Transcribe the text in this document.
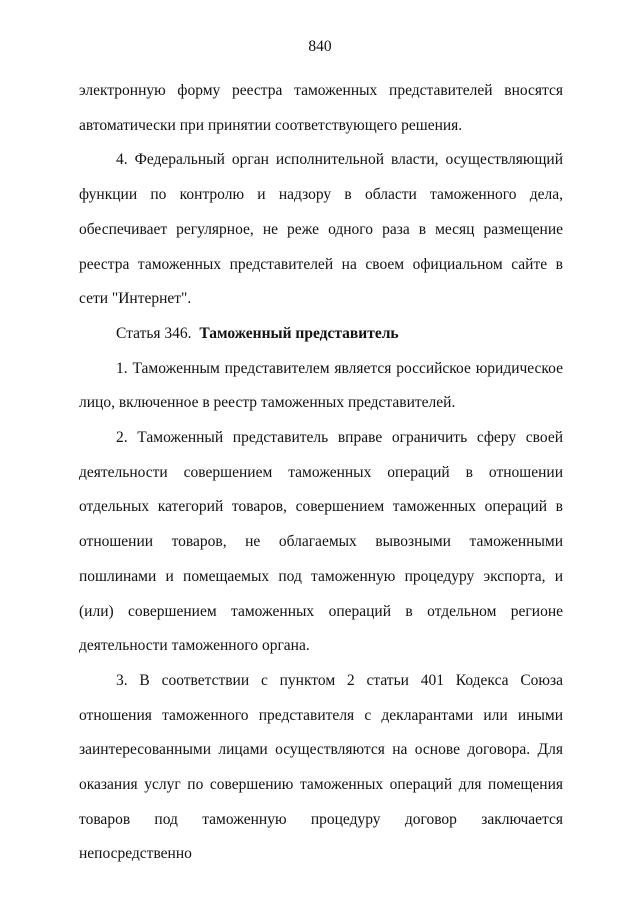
840

электронную форму реестра таможенных представителей вносятся автоматически при принятии соответствующего решения.

4. Федеральный орган исполнительной власти, осуществляющий функции по контролю и надзору в области таможенного дела, обеспечивает регулярное, не реже одного раза в месяц размещение реестра таможенных представителей на своем официальном сайте в сети "Интернет".

Статья 346. Таможенный представитель

1. Таможенным представителем является российское юридическое лицо, включенное в реестр таможенных представителей.

2. Таможенный представитель вправе ограничить сферу своей деятельности совершением таможенных операций в отношении отдельных категорий товаров, совершением таможенных операций в отношении товаров, не облагаемых вывозными таможенными пошлинами и помещаемых под таможенную процедуру экспорта, и (или) совершением таможенных операций в отдельном регионе деятельности таможенного органа.

3. В соответствии с пунктом 2 статьи 401 Кодекса Союза отношения таможенного представителя с декларантами или иными заинтересованными лицами осуществляются на основе договора. Для оказания услуг по совершению таможенных операций для помещения товаров под таможенную процедуру договор заключается непосредственно
